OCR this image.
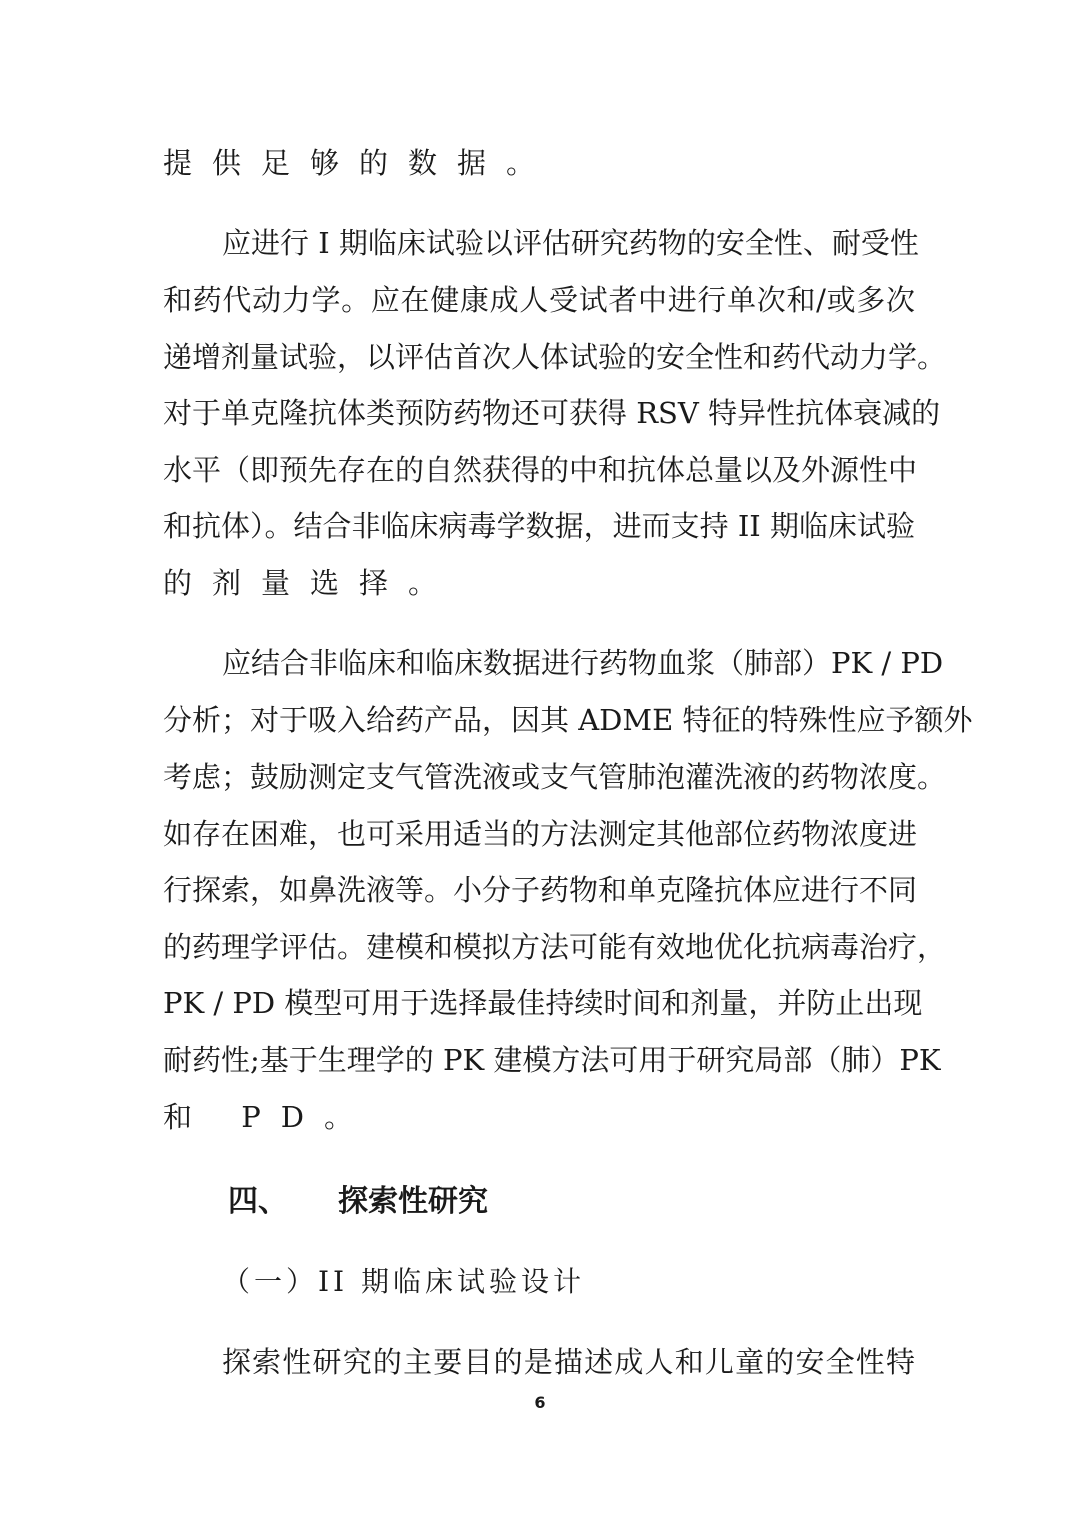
提供足够的数据。
应进行 I 期临床试验以评估研究药物的安全性、耐受性
和药代动力学。应在健康成人受试者中进行单次和/或多次
递增剂量试验，以评估首次人体试验的安全性和药代动力学。
对于单克隆抗体类预防药物还可获得 RSV 特异性抗体衰减的
水平（即预先存在的自然获得的中和抗体总量以及外源性中
和抗体）。结合非临床病毒学数据，进而支持 II 期临床试验
的剂量选择。
应结合非临床和临床数据进行药物血浆（肺部）PK / PD
分析；对于吸入给药产品，因其 ADME 特征的特殊性应予额外
考虑；鼓励测定支气管洗液或支气管肺泡灌洗液的药物浓度。
如存在困难，也可采用适当的方法测定其他部位药物浓度进
行探索，如鼻洗液等。小分子药物和单克隆抗体应进行不同
的药理学评估。建模和模拟方法可能有效地优化抗病毒治疗，
PK / PD 模型可用于选择最佳持续时间和剂量，并防止出现
耐药性;基于生理学的 PK 建模方法可用于研究局部（肺）PK
和 PD。
四、 探索性研究
（一）II 期临床试验设计
探索性研究的主要目的是描述成人和儿童的安全性特
6
